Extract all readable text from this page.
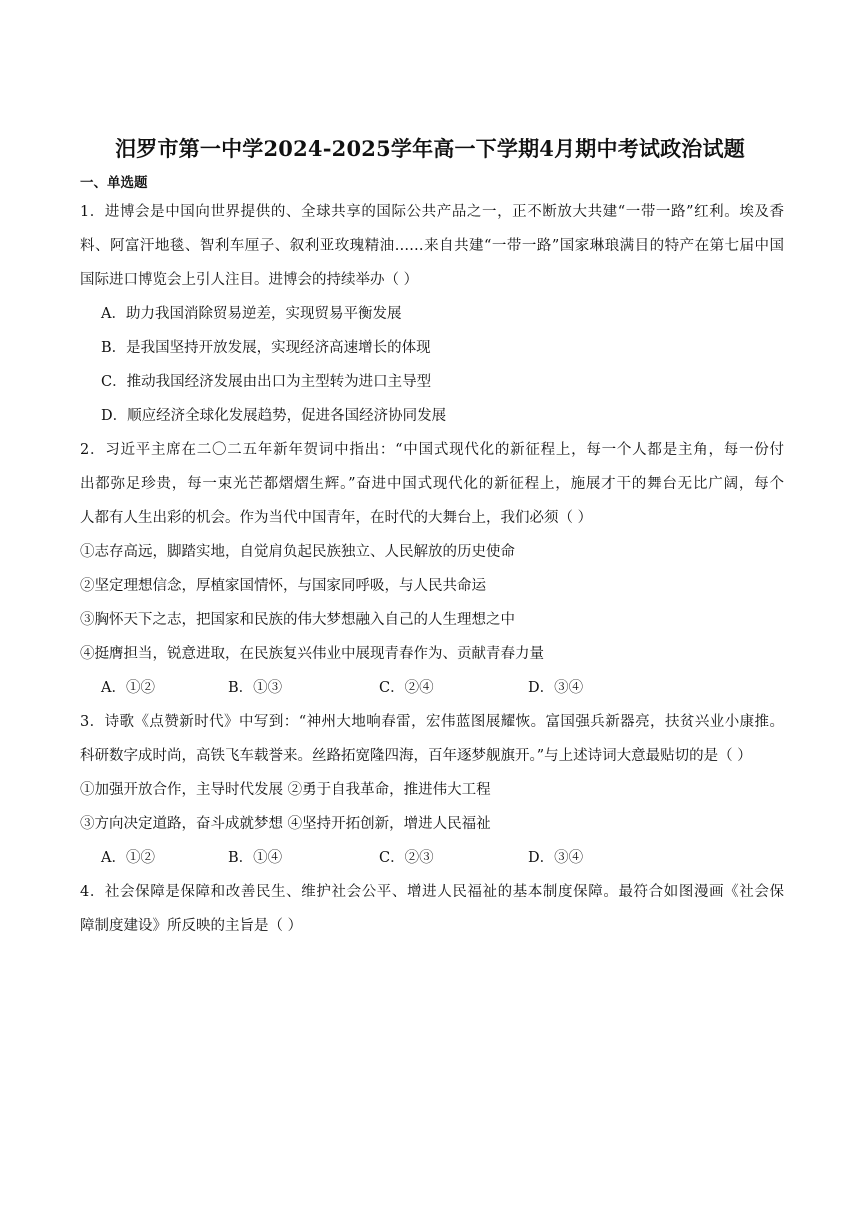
汨罗市第一中学2024-2025学年高一下学期4月期中考试政治试题
一、单选题
1．进博会是中国向世界提供的、全球共享的国际公共产品之一，正不断放大共建“一带一路”红利。埃及香
料、阿富汗地毯、智利车厘子、叙利亚玫瑰精油……来自共建“一带一路”国家琳琅满目的特产在第七届中国
国际进口博览会上引人注目。进博会的持续举办（ ）
A．助力我国消除贸易逆差，实现贸易平衡发展
B．是我国坚持开放发展，实现经济高速增长的体现
C．推动我国经济发展由出口为主型转为进口主导型
D．顺应经济全球化发展趋势，促进各国经济协同发展
2．习近平主席在二〇二五年新年贺词中指出：“中国式现代化的新征程上，每一个人都是主角，每一份付
出都弥足珍贵，每一束光芒都熠熠生辉。”奋进中国式现代化的新征程上，施展才干的舞台无比广阔，每个
人都有人生出彩的机会。作为当代中国青年，在时代的大舞台上，我们必须（ ）
①志存高远，脚踏实地，自觉肩负起民族独立、人民解放的历史使命
②坚定理想信念，厚植家国情怀，与国家同呼吸，与人民共命运
③胸怀天下之志，把国家和民族的伟大梦想融入自己的人生理想之中
④挺膺担当，锐意进取，在民族复兴伟业中展现青春作为、贡献青春力量
A．①②	B．①③	C．②④	D．③④
3．诗歌《点赞新时代》中写到：“神州大地响春雷，宏伟蓝图展耀恢。富国强兵新器亮，扶贫兴业小康推。
科研数字成时尚，高铁飞车载誉来。丝路拓宽隆四海，百年逐梦舰旗开。”与上述诗词大意最贴切的是（ ）
①加强开放合作，主导时代发展 ②勇于自我革命，推进伟大工程
③方向决定道路，奋斗成就梦想 ④坚持开拓创新，增进人民福祉
A．①②	B．①④	C．②③	D．③④
4．社会保障是保障和改善民生、维护社会公平、增进人民福祉的基本制度保障。最符合如图漫画《社会保
障制度建设》所反映的主旨是（ ）
